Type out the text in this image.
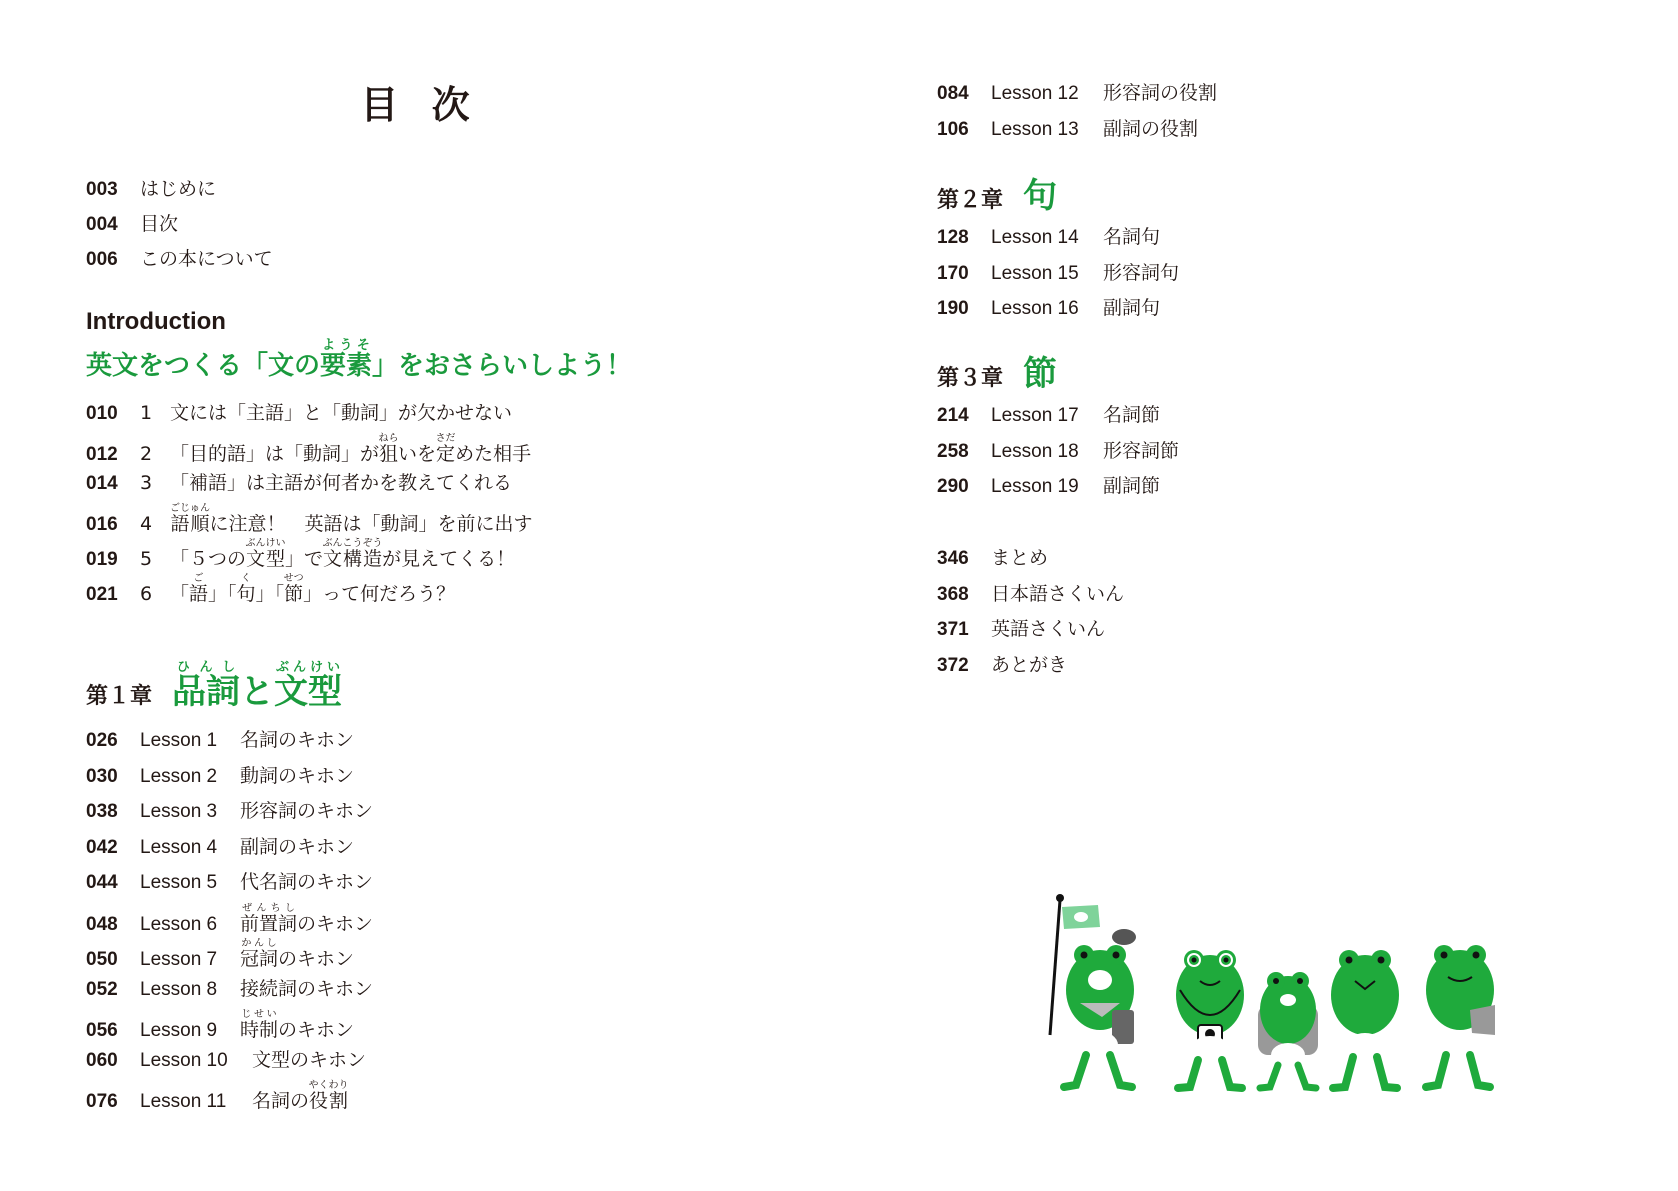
目 次
003 はじめに
004 目次
006 この本について
Introduction
英文をつくる「文の要素ようそ」をおさらいしよう！
010 1 文には「主語」と「動詞」が欠かせない
012 2 「目的語」は「動詞」が狙ねらいを定さだめた相手
014 3 「補語」は主語が何者かを教えてくれる
016 4 語順ごじゅんに注意！　英語は「動詞」を前に出す
019 5 「５つの文型ぶんけい」で文構造ぶんこうぞうが見えてくる！
021 6 「語ご」「句く」「節せつ」って何だろう？
第１章 品詞ひんしと文型ぶんけい
026 Lesson 1 名詞のキホン
030 Lesson 2 動詞のキホン
038 Lesson 3 形容詞のキホン
042 Lesson 4 副詞のキホン
044 Lesson 5 代名詞のキホン
048 Lesson 6 前置詞ぜんちしのキホン
050 Lesson 7 冠詞かんしのキホン
052 Lesson 8 接続詞のキホン
056 Lesson 9 時制じせいのキホン
060 Lesson 10 文型のキホン
076 Lesson 11 名詞の役割やくわり
084 Lesson 12 形容詞の役割
106 Lesson 13 副詞の役割
第２章 句
128 Lesson 14 名詞句
170 Lesson 15 形容詞句
190 Lesson 16 副詞句
第３章 節
214 Lesson 17 名詞節
258 Lesson 18 形容詞節
290 Lesson 19 副詞節
346 まとめ
368 日本語さくいん
371 英語さくいん
372 あとがき
